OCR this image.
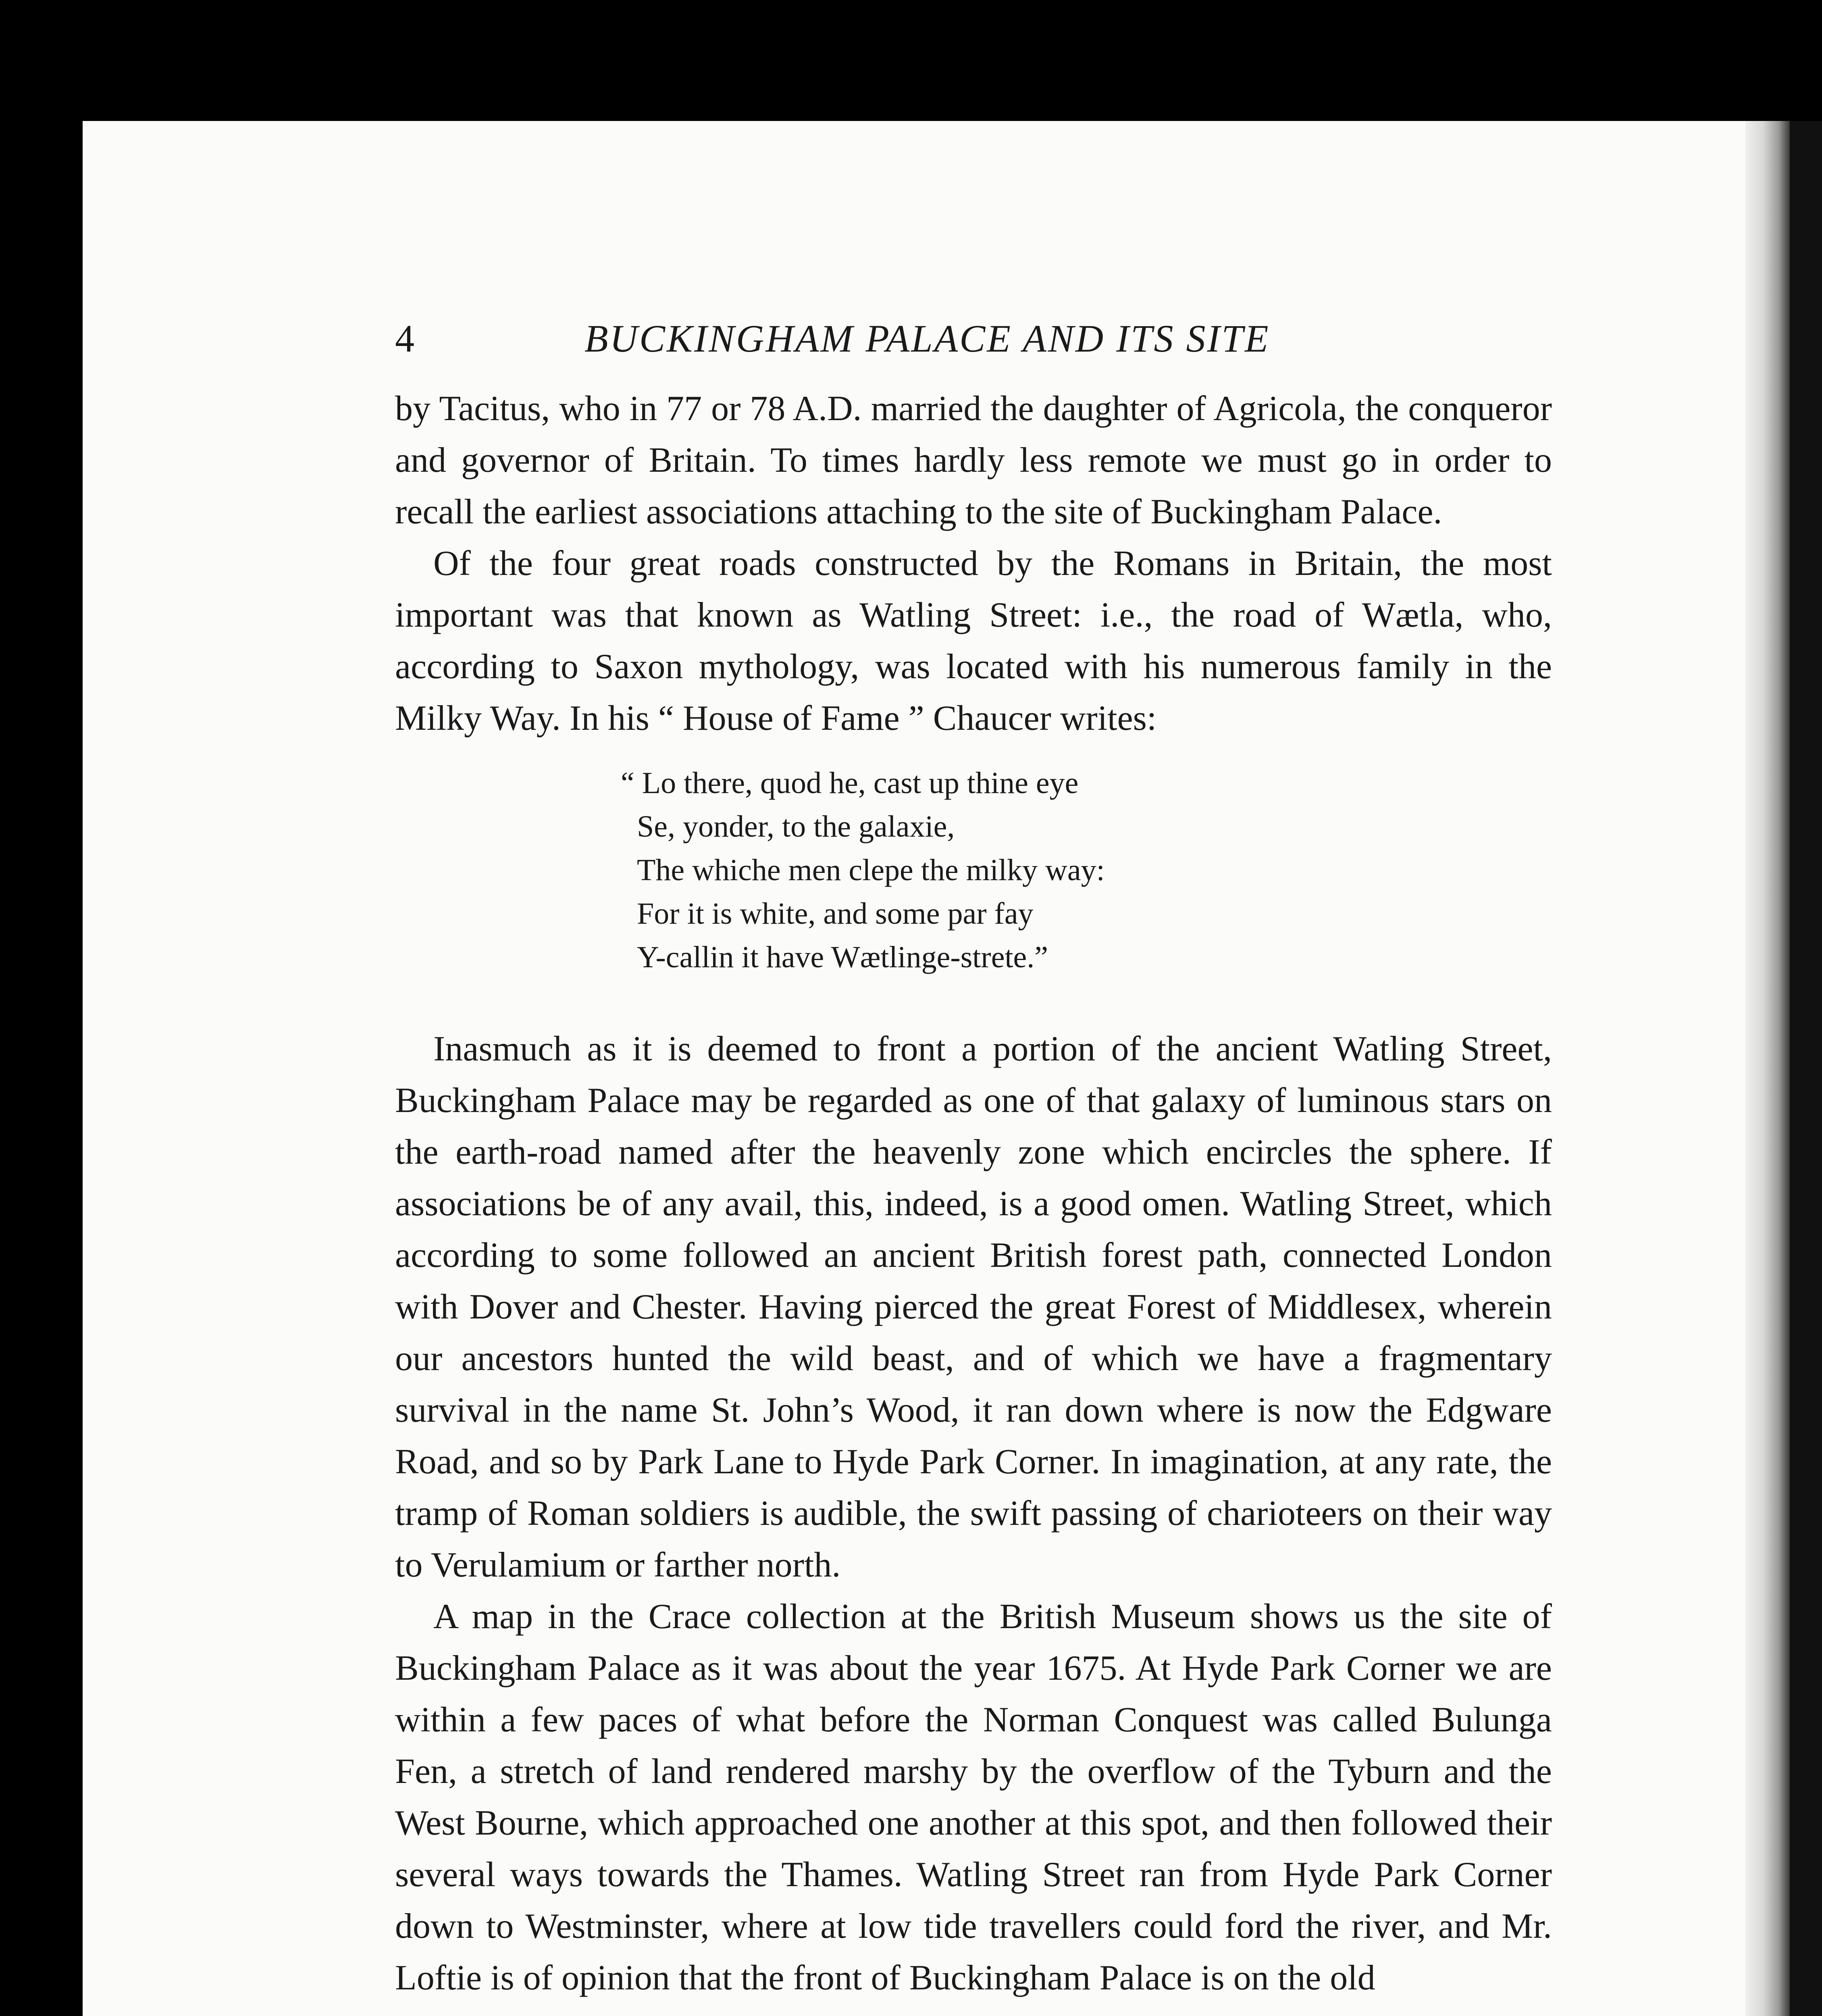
4	BUCKINGHAM PALACE AND ITS SITE

by Tacitus, who in 77 or 78 A.D. married the daughter of Agricola, the conqueror and governor of Britain. To times hardly less remote we must go in order to recall the earliest associations attaching to the site of Buckingham Palace.

Of the four great roads constructed by the Romans in Britain, the most important was that known as Watling Street: i.e., the road of Wætla, who, according to Saxon mythology, was located with his numerous family in the Milky Way. In his “ House of Fame ” Chaucer writes:

“ Lo there, quod he, cast up thine eye
Se, yonder, to the galaxie,
The whiche men clepe the milky way:
For it is white, and some par fay
Y-callin it have Wætlinge-strete.”

Inasmuch as it is deemed to front a portion of the ancient Watling Street, Buckingham Palace may be regarded as one of that galaxy of luminous stars on the earth-road named after the heavenly zone which encircles the sphere. If associations be of any avail, this, indeed, is a good omen. Watling Street, which according to some followed an ancient British forest path, connected London with Dover and Chester. Having pierced the great Forest of Middlesex, wherein our ancestors hunted the wild beast, and of which we have a fragmentary survival in the name St. John’s Wood, it ran down where is now the Edgware Road, and so by Park Lane to Hyde Park Corner. In imagination, at any rate, the tramp of Roman soldiers is audible, the swift passing of charioteers on their way to Verulamium or farther north.

A map in the Crace collection at the British Museum shows us the site of Buckingham Palace as it was about the year 1675. At Hyde Park Corner we are within a few paces of what before the Norman Conquest was called Bulunga Fen, a stretch of land rendered marshy by the overflow of the Tyburn and the West Bourne, which approached one another at this spot, and then followed their several ways towards the Thames. Watling Street ran from Hyde Park Corner down to Westminster, where at low tide travellers could ford the river, and Mr. Loftie is of opinion that the front of Buckingham Palace is on the old
